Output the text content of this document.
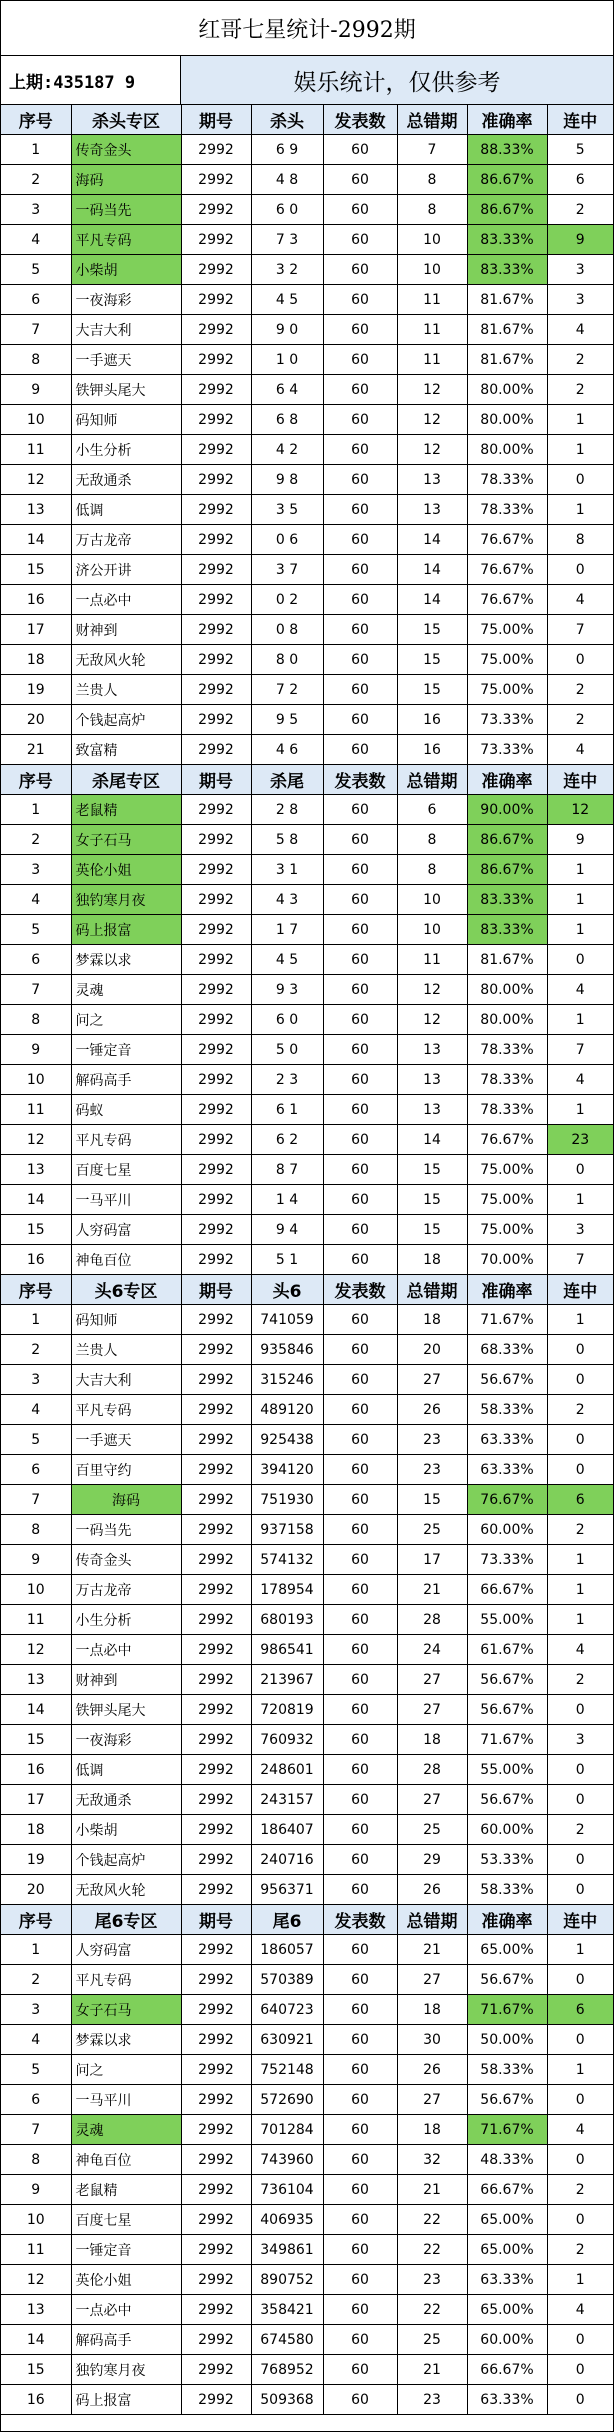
红哥七星统计-2992期
上期:435187 9	娱乐统计，仅供参考
序号	杀头专区	期号	杀头	发表数	总错期	准确率	连中
1	传奇金头	2992	6 9	60	7	88.33%	5
2	海码	2992	4 8	60	8	86.67%	6
3	一码当先	2992	6 0	60	8	86.67%	2
4	平凡专码	2992	7 3	60	10	83.33%	9
5	小柴胡	2992	3 2	60	10	83.33%	3
6	一夜海彩	2992	4 5	60	11	81.67%	3
7	大吉大利	2992	9 0	60	11	81.67%	4
8	一手遮天	2992	1 0	60	11	81.67%	2
9	铁钾头尾大	2992	6 4	60	12	80.00%	2
10	码知师	2992	6 8	60	12	80.00%	1
11	小生分析	2992	4 2	60	12	80.00%	1
12	无敌通杀	2992	9 8	60	13	78.33%	0
13	低调	2992	3 5	60	13	78.33%	1
14	万古龙帝	2992	0 6	60	14	76.67%	8
15	济公开讲	2992	3 7	60	14	76.67%	0
16	一点必中	2992	0 2	60	14	76.67%	4
17	财神到	2992	0 8	60	15	75.00%	7
18	无敌风火轮	2992	8 0	60	15	75.00%	0
19	兰贵人	2992	7 2	60	15	75.00%	2
20	个钱起高炉	2992	9 5	60	16	73.33%	2
21	致富精	2992	4 6	60	16	73.33%	4
序号	杀尾专区	期号	杀尾	发表数	总错期	准确率	连中
1	老鼠精	2992	2 8	60	6	90.00%	12
2	女子石马	2992	5 8	60	8	86.67%	9
3	英伦小姐	2992	3 1	60	8	86.67%	1
4	独钓寒月夜	2992	4 3	60	10	83.33%	1
5	码上报富	2992	1 7	60	10	83.33%	1
6	梦霖以求	2992	4 5	60	11	81.67%	0
7	灵魂	2992	9 3	60	12	80.00%	4
8	问之	2992	6 0	60	12	80.00%	1
9	一锤定音	2992	5 0	60	13	78.33%	7
10	解码高手	2992	2 3	60	13	78.33%	4
11	码蚁	2992	6 1	60	13	78.33%	1
12	平凡专码	2992	6 2	60	14	76.67%	23
13	百度七星	2992	8 7	60	15	75.00%	0
14	一马平川	2992	1 4	60	15	75.00%	1
15	人穷码富	2992	9 4	60	15	75.00%	3
16	神龟百位	2992	5 1	60	18	70.00%	7
序号	头6专区	期号	头6	发表数	总错期	准确率	连中
1	码知师	2992	741059	60	18	71.67%	1
2	兰贵人	2992	935846	60	20	68.33%	0
3	大吉大利	2992	315246	60	27	56.67%	0
4	平凡专码	2992	489120	60	26	58.33%	2
5	一手遮天	2992	925438	60	23	63.33%	0
6	百里守约	2992	394120	60	23	63.33%	0
7	海码	2992	751930	60	15	76.67%	6
8	一码当先	2992	937158	60	25	60.00%	2
9	传奇金头	2992	574132	60	17	73.33%	1
10	万古龙帝	2992	178954	60	21	66.67%	1
11	小生分析	2992	680193	60	28	55.00%	1
12	一点必中	2992	986541	60	24	61.67%	4
13	财神到	2992	213967	60	27	56.67%	2
14	铁钾头尾大	2992	720819	60	27	56.67%	0
15	一夜海彩	2992	760932	60	18	71.67%	3
16	低调	2992	248601	60	28	55.00%	0
17	无敌通杀	2992	243157	60	27	56.67%	0
18	小柴胡	2992	186407	60	25	60.00%	2
19	个钱起高炉	2992	240716	60	29	53.33%	0
20	无敌风火轮	2992	956371	60	26	58.33%	0
序号	尾6专区	期号	尾6	发表数	总错期	准确率	连中
1	人穷码富	2992	186057	60	21	65.00%	1
2	平凡专码	2992	570389	60	27	56.67%	0
3	女子石马	2992	640723	60	18	71.67%	6
4	梦霖以求	2992	630921	60	30	50.00%	0
5	问之	2992	752148	60	26	58.33%	1
6	一马平川	2992	572690	60	27	56.67%	0
7	灵魂	2992	701284	60	18	71.67%	4
8	神龟百位	2992	743960	60	32	48.33%	0
9	老鼠精	2992	736104	60	21	66.67%	2
10	百度七星	2992	406935	60	22	65.00%	0
11	一锤定音	2992	349861	60	22	65.00%	2
12	英伦小姐	2992	890752	60	23	63.33%	1
13	一点必中	2992	358421	60	22	65.00%	4
14	解码高手	2992	674580	60	25	60.00%	0
15	独钓寒月夜	2992	768952	60	21	66.67%	0
16	码上报富	2992	509368	60	23	63.33%	0
